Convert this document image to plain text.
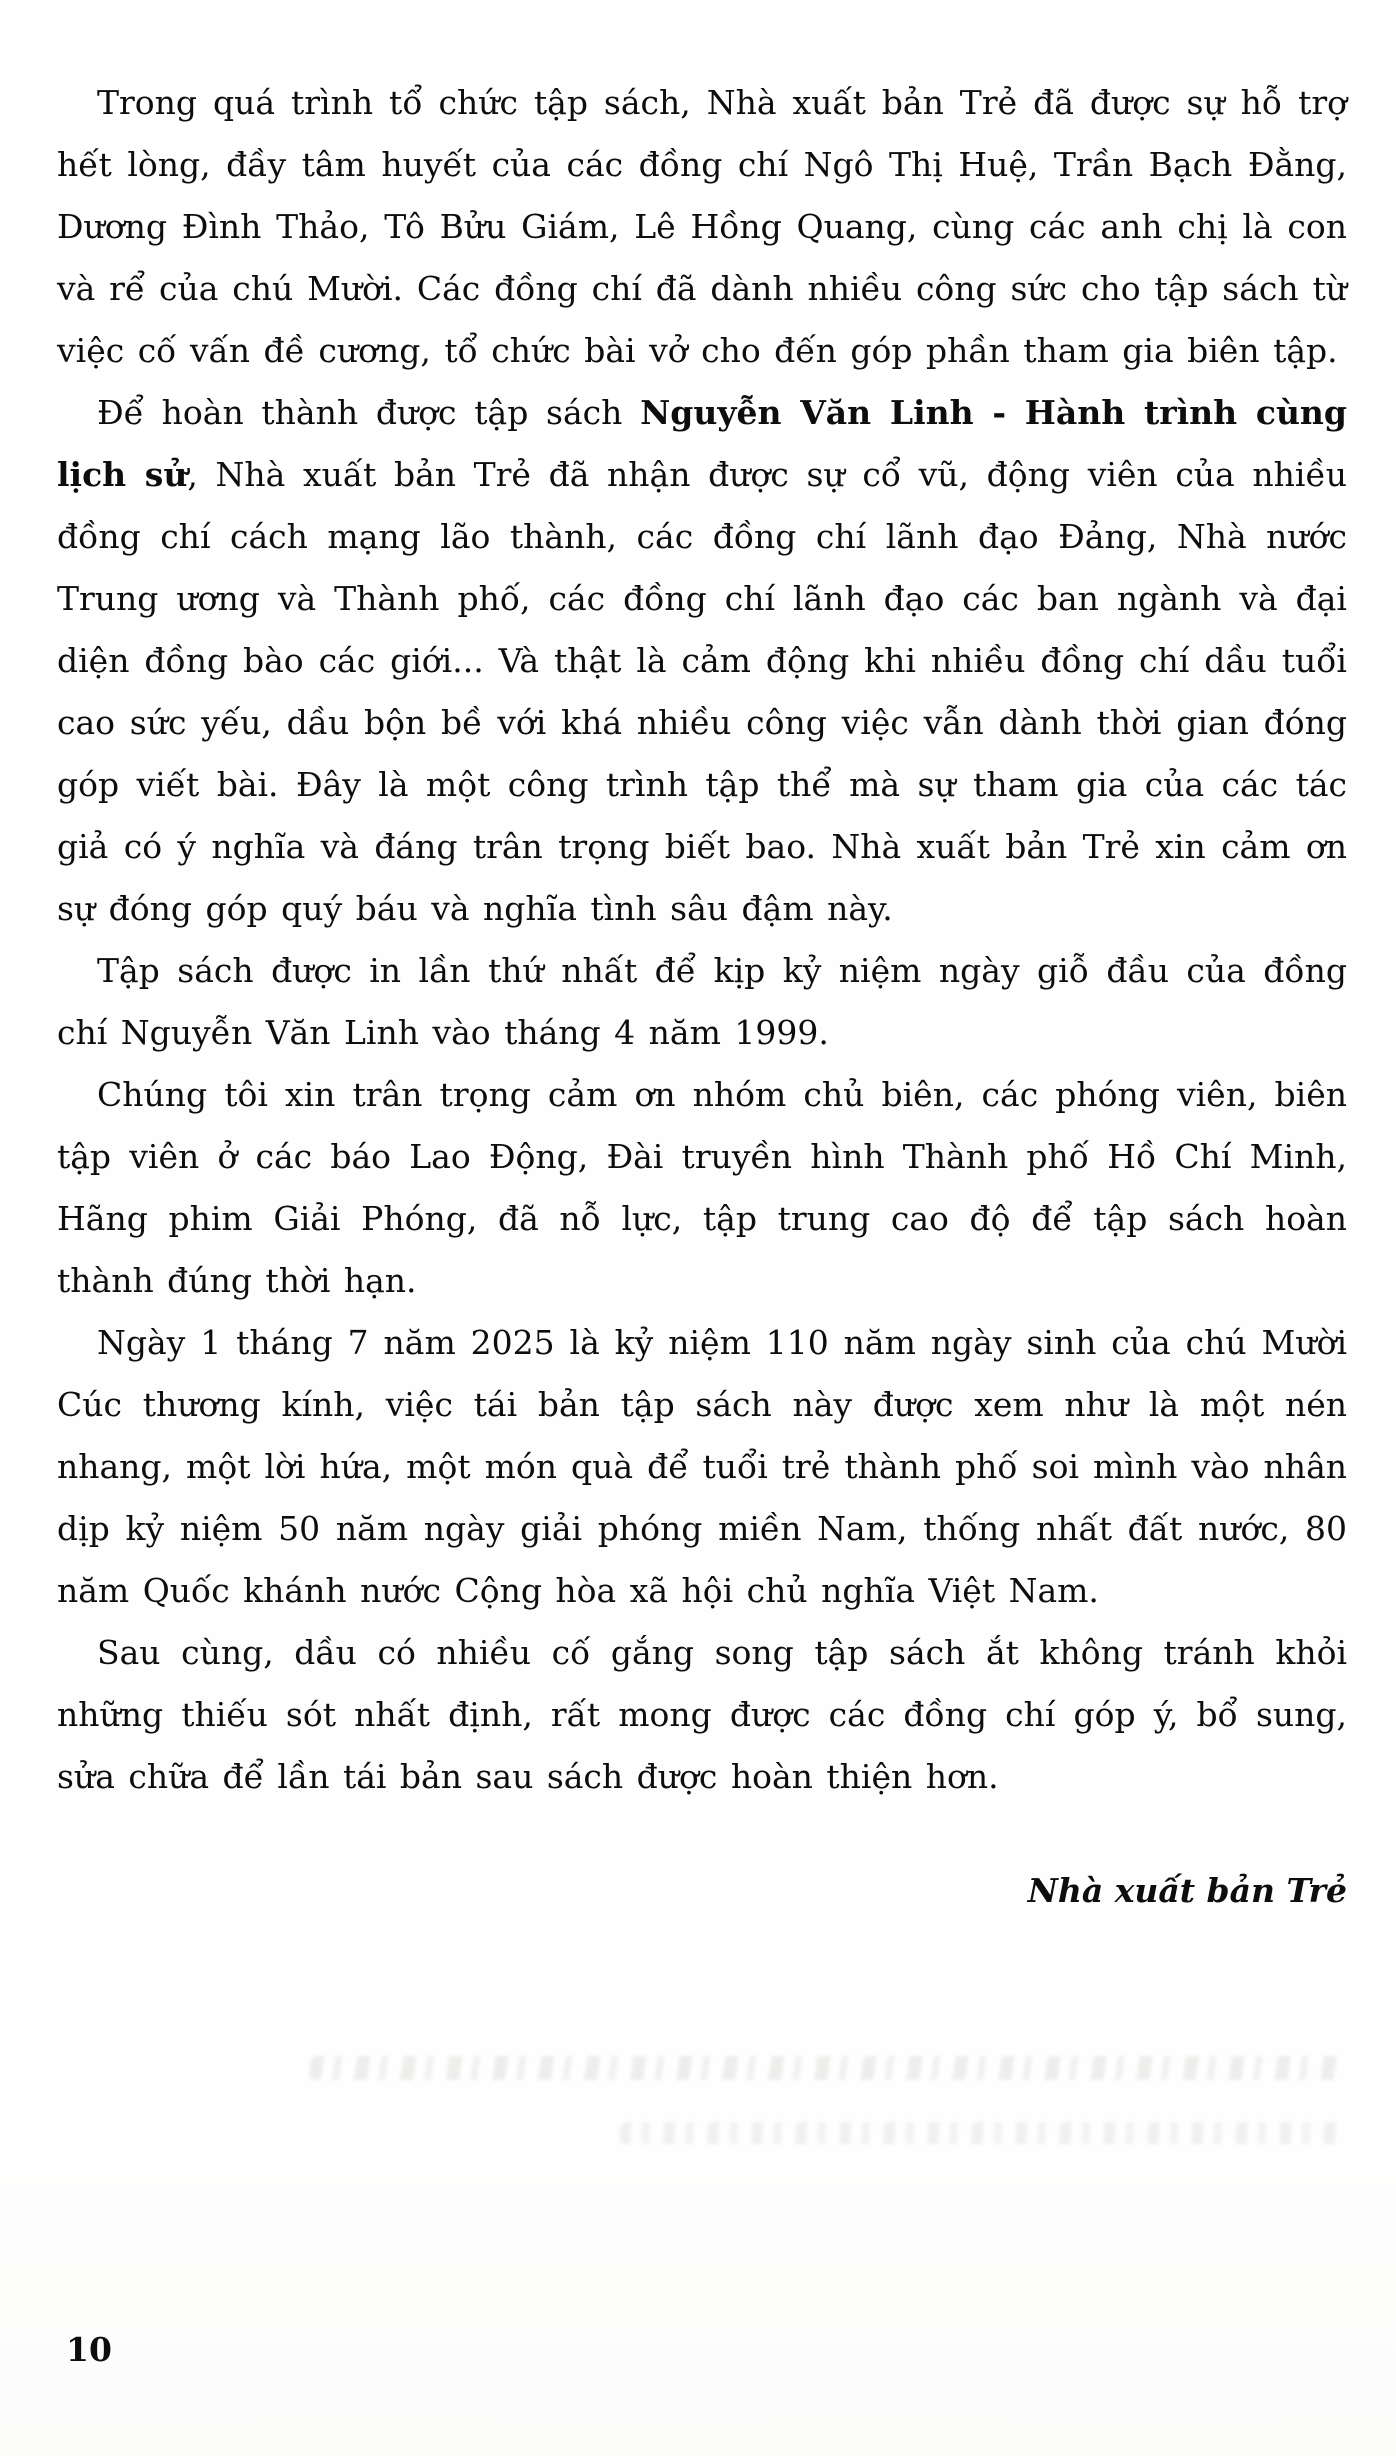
Trong quá trình tổ chức tập sách, Nhà xuất bản Trẻ đã được sự hỗ trợ hết lòng, đầy tâm huyết của các đồng chí Ngô Thị Huệ, Trần Bạch Đằng, Dương Đình Thảo, Tô Bửu Giám, Lê Hồng Quang, cùng các anh chị là con và rể của chú Mười. Các đồng chí đã dành nhiều công sức cho tập sách từ việc cố vấn đề cương, tổ chức bài vở cho đến góp phần tham gia biên tập.

Để hoàn thành được tập sách Nguyễn Văn Linh - Hành trình cùng lịch sử, Nhà xuất bản Trẻ đã nhận được sự cổ vũ, động viên của nhiều đồng chí cách mạng lão thành, các đồng chí lãnh đạo Đảng, Nhà nước Trung ương và Thành phố, các đồng chí lãnh đạo các ban ngành và đại diện đồng bào các giới... Và thật là cảm động khi nhiều đồng chí dầu tuổi cao sức yếu, dầu bộn bề với khá nhiều công việc vẫn dành thời gian đóng góp viết bài. Đây là một công trình tập thể mà sự tham gia của các tác giả có ý nghĩa và đáng trân trọng biết bao. Nhà xuất bản Trẻ xin cảm ơn sự đóng góp quý báu và nghĩa tình sâu đậm này.

Tập sách được in lần thứ nhất để kịp kỷ niệm ngày giỗ đầu của đồng chí Nguyễn Văn Linh vào tháng 4 năm 1999.

Chúng tôi xin trân trọng cảm ơn nhóm chủ biên, các phóng viên, biên tập viên ở các báo Lao Động, Đài truyền hình Thành phố Hồ Chí Minh, Hãng phim Giải Phóng, đã nỗ lực, tập trung cao độ để tập sách hoàn thành đúng thời hạn.

Ngày 1 tháng 7 năm 2025 là kỷ niệm 110 năm ngày sinh của chú Mười Cúc thương kính, việc tái bản tập sách này được xem như là một nén nhang, một lời hứa, một món quà để tuổi trẻ thành phố soi mình vào nhân dịp kỷ niệm 50 năm ngày giải phóng miền Nam, thống nhất đất nước, 80 năm Quốc khánh nước Cộng hòa xã hội chủ nghĩa Việt Nam.

Sau cùng, dầu có nhiều cố gắng song tập sách ắt không tránh khỏi những thiếu sót nhất định, rất mong được các đồng chí góp ý, bổ sung, sửa chữa để lần tái bản sau sách được hoàn thiện hơn.

Nhà xuất bản Trẻ
10
